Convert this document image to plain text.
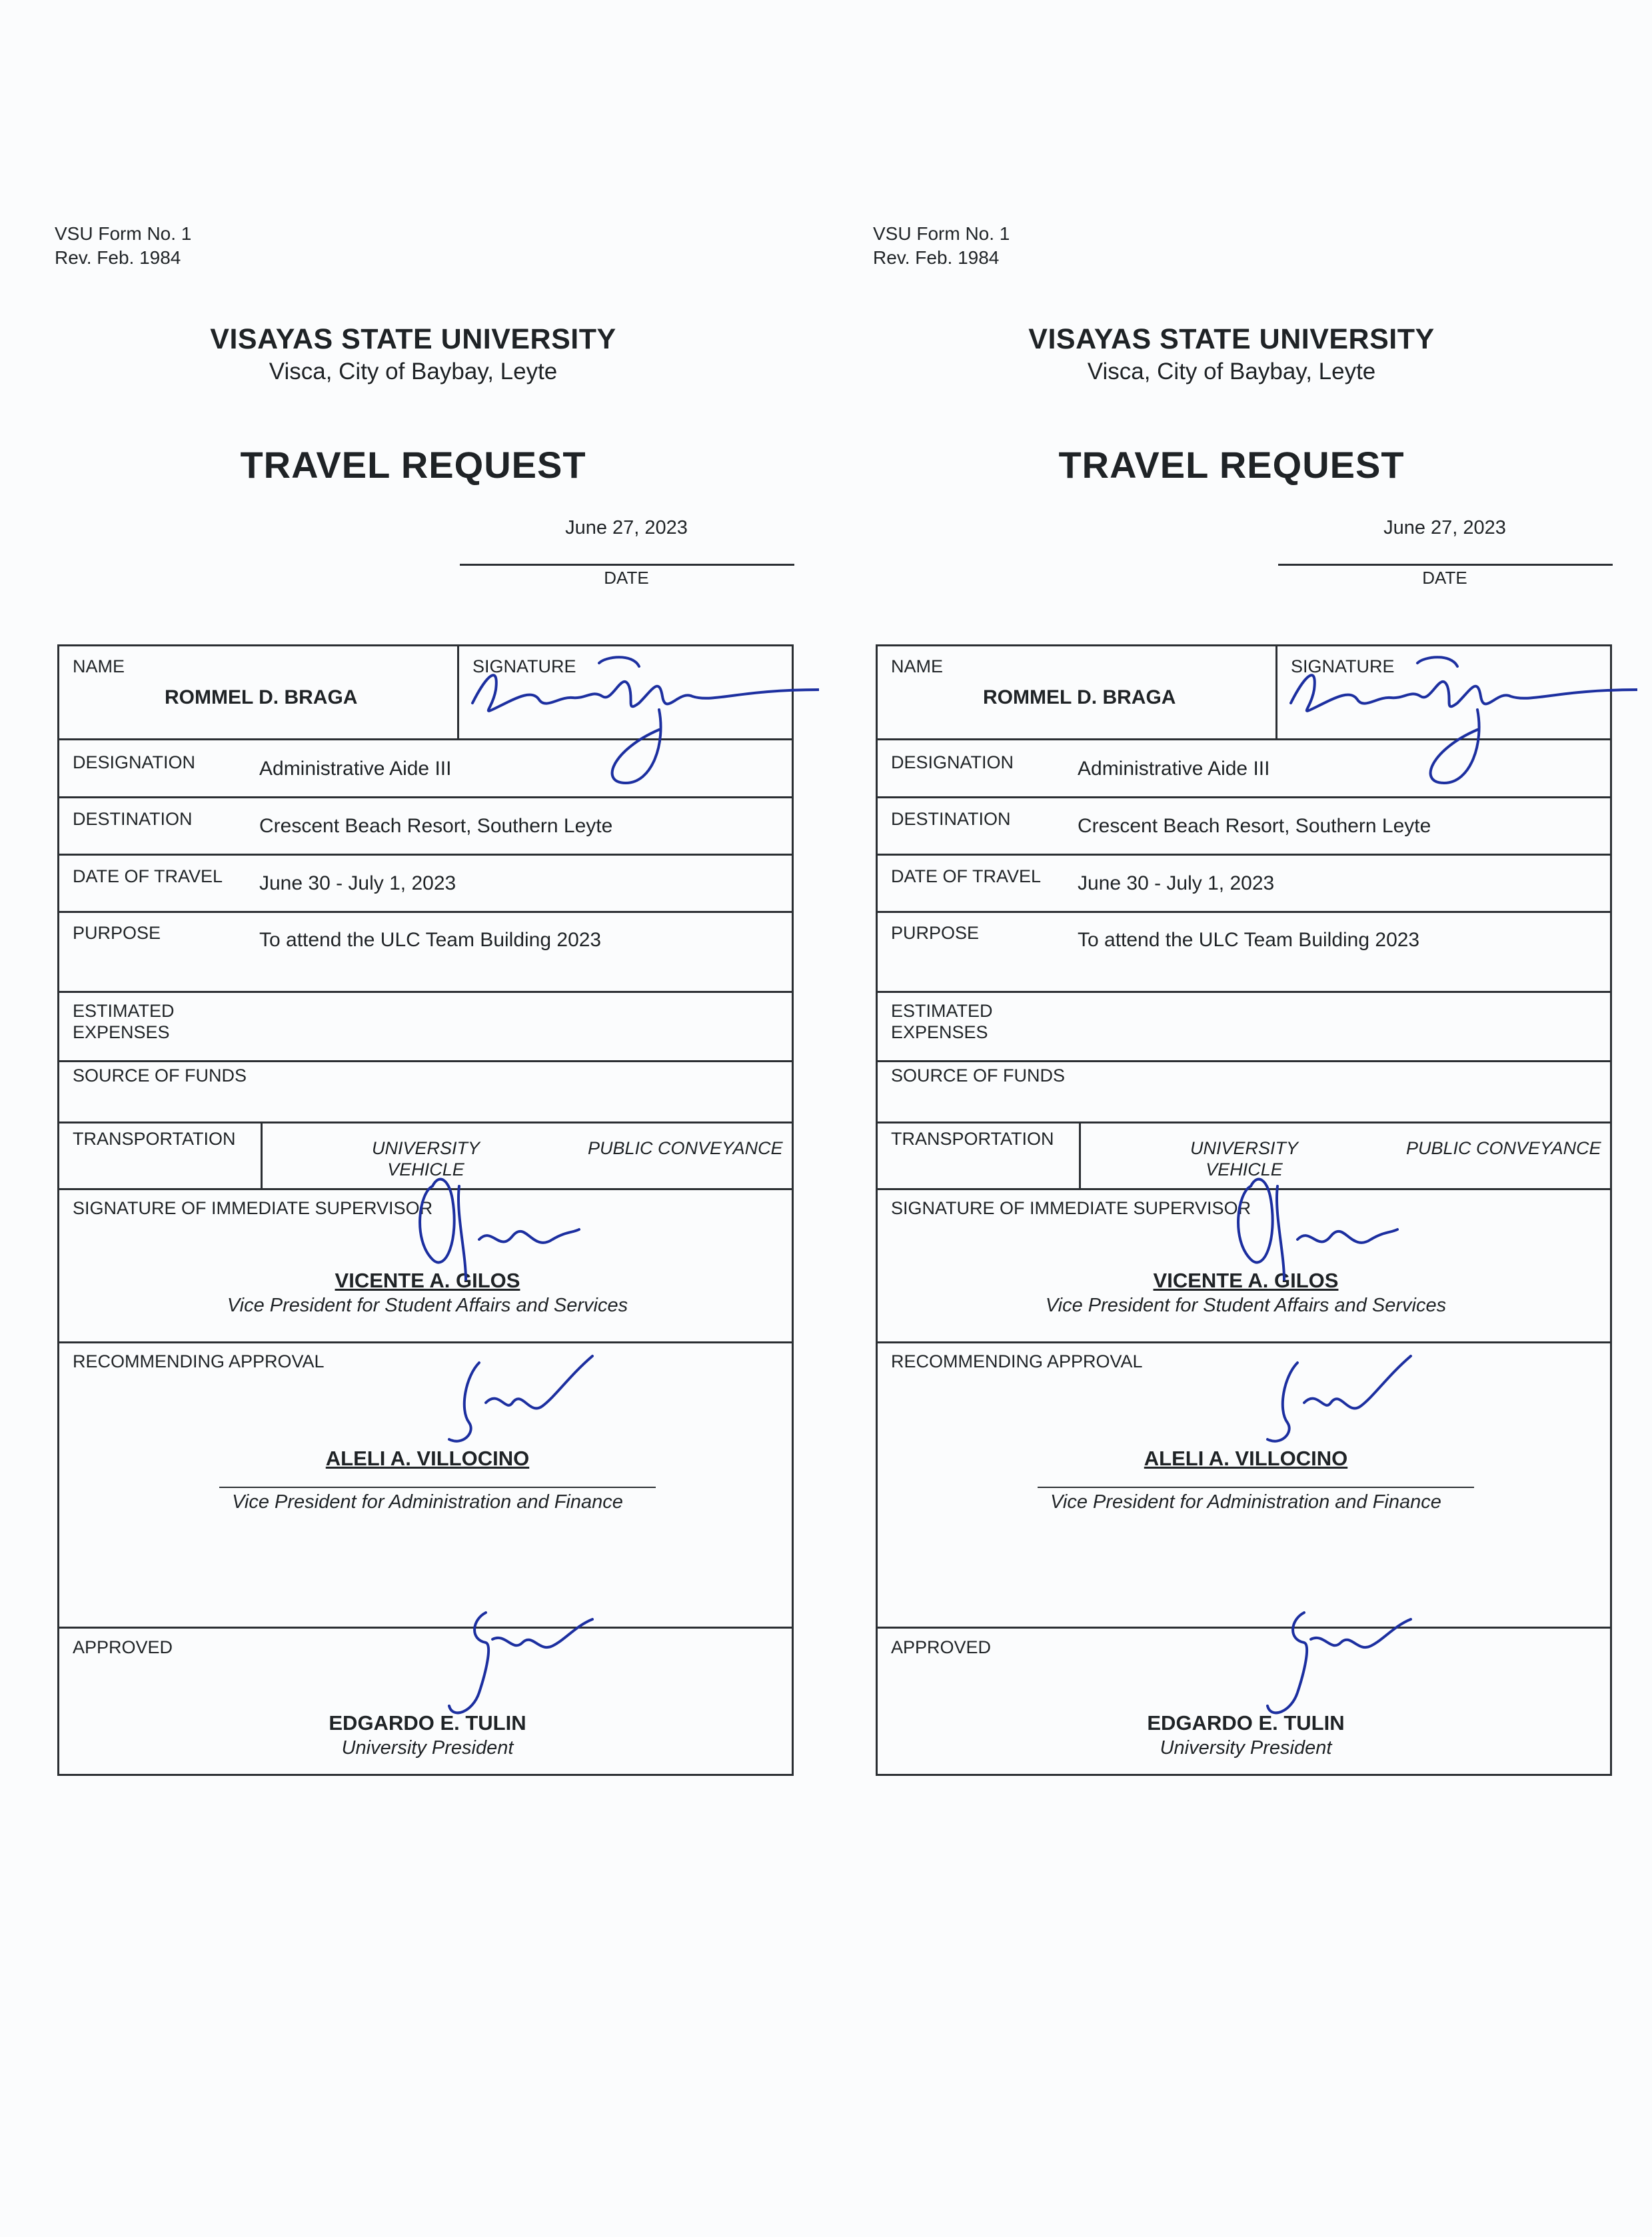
VSU Form No. 1
Rev. Feb. 1984
VISAYAS STATE UNIVERSITY
Visca, City of Baybay, Leyte
TRAVEL REQUEST
June 27, 2023
DATE
NAME
ROMMEL D. BRAGA
SIGNATURE
DESIGNATION	Administrative Aide III
DESTINATION	Crescent Beach Resort, Southern Leyte
DATE OF TRAVEL June 30 - July 1, 2023
PURPOSE	To attend the ULC Team Building 2023
ESTIMATED
EXPENSES
SOURCE OF FUNDS
TRANSPORTATION	UNIVERSITY
VEHICLE
PUBLIC CONVEYANCE
SIGNATURE OF IMMEDIATE SUPERVISOR
VICENTE A. GILOS
Vice President for Student Affairs and Services
RECOMMENDING APPROVAL
ALELI A. VILLOCINO
Vice President for Administration and Finance
APPROVED
EDGARDO E. TULIN
University President
VSU Form No. 1
Rev. Feb. 1984
VISAYAS STATE UNIVERSITY
Visca, City of Baybay, Leyte
TRAVEL REQUEST
June 27, 2023
DATE
NAME
ROMMEL D. BRAGA
SIGNATURE
DESIGNATION	Administrative Aide III
DESTINATION	Crescent Beach Resort, Southern Leyte
DATE OF TRAVEL June 30 - July 1, 2023
PURPOSE	To attend the ULC Team Building 2023
ESTIMATED
EXPENSES
SOURCE OF FUNDS
TRANSPORTATION	UNIVERSITY
VEHICLE
PUBLIC CONVEYANCE
SIGNATURE OF IMMEDIATE SUPERVISOR
VICENTE A. GILOS
Vice President for Student Affairs and Services
RECOMMENDING APPROVAL
ALELI A. VILLOCINO
Vice President for Administration and Finance
APPROVED
EDGARDO E. TULIN
University President
